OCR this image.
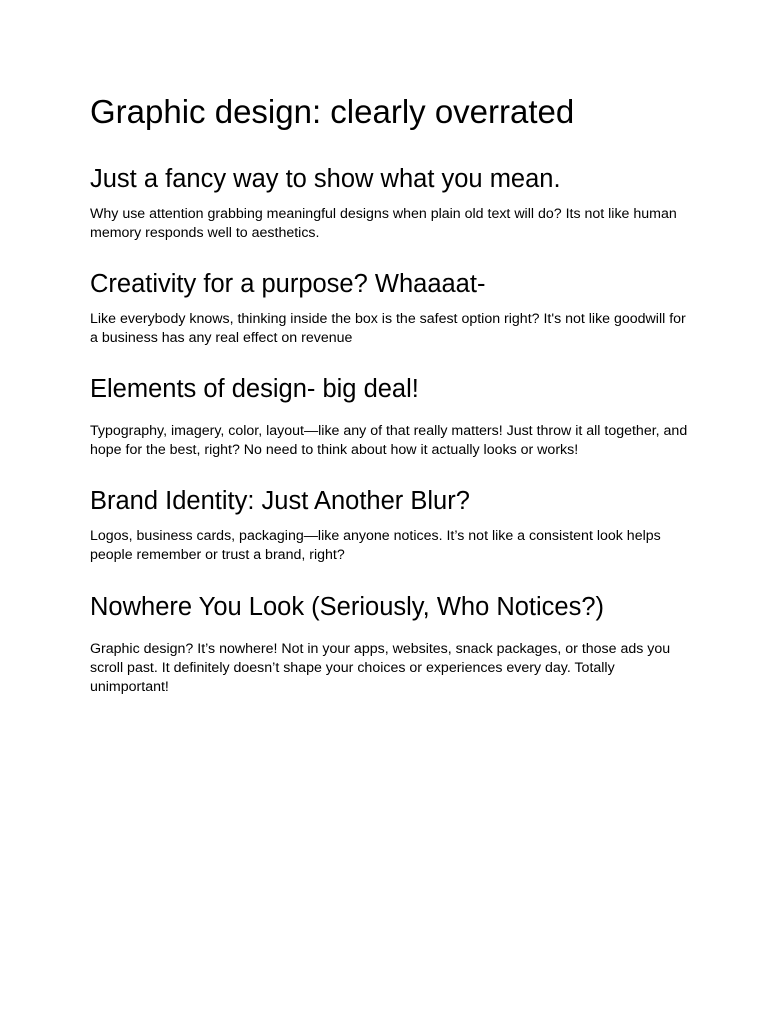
Graphic design: clearly overrated
Just a fancy way to show what you mean.

Why use attention grabbing meaningful designs when plain old text will do? Its not like human memory responds well to aesthetics.

Creativity for a purpose? Whaaaat-

Like everybody knows, thinking inside the box is the safest option right? It's not like goodwill for a business has any real effect on revenue

Elements of design- big deal!

Typography, imagery, color, layout—like any of that really matters! Just throw it all together, and hope for the best, right? No need to think about how it actually looks or works!

Brand Identity: Just Another Blur?

Logos, business cards, packaging—like anyone notices. It’s not like a consistent look helps people remember or trust a brand, right?

Nowhere You Look (Seriously, Who Notices?)

Graphic design? It’s nowhere! Not in your apps, websites, snack packages, or those ads you scroll past. It definitely doesn’t shape your choices or experiences every day. Totally unimportant!
